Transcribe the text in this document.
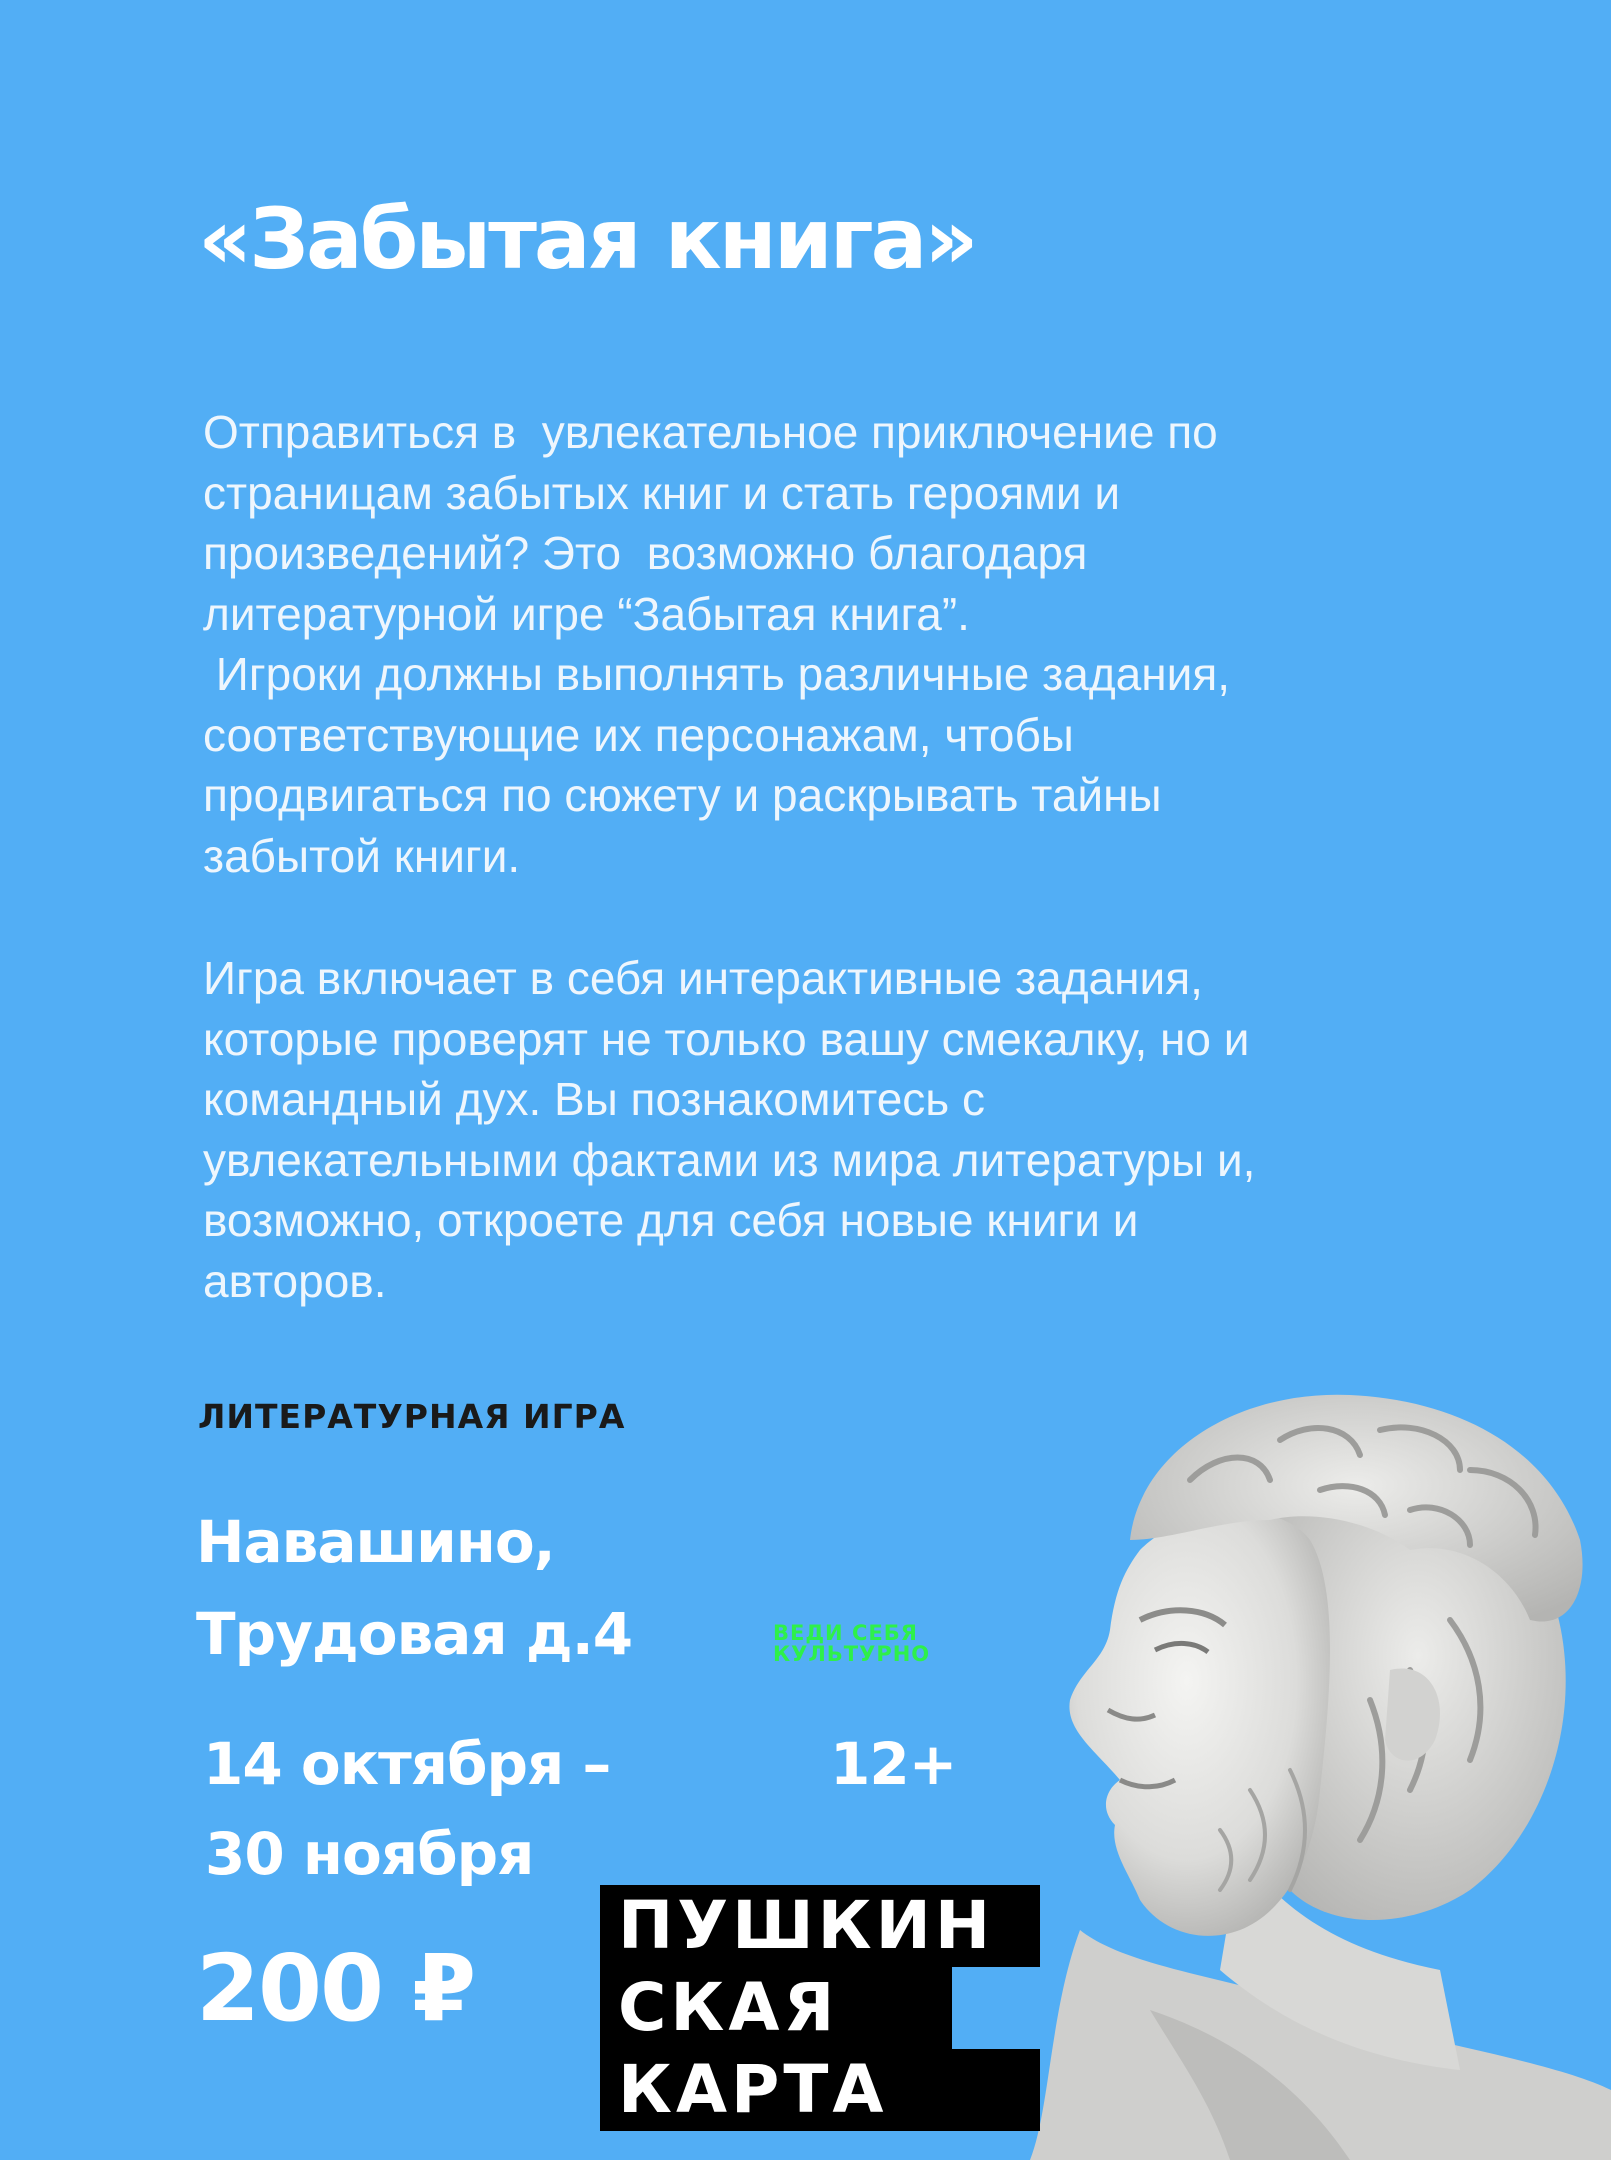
«Забытая книга»
Отправиться в  увлекательное приключение по
страницам забытых книг и стать героями и
произведений? Это  возможно благодаря
литературной игре “Забытая книга”.
Игроки должны выполнять различные задания,
соответствующие их персонажам, чтобы
продвигаться по сюжету и раскрывать тайны
забытой книги.
Игра включает в себя интерактивные задания,
которые проверят не только вашу смекалку, но и
командный дух. Вы познакомитесь с
увлекательными фактами из мира литературы и,
возможно, откроете для себя новые книги и
авторов.
ЛИТЕРАТУРНАЯ ИГРА
Навашино,
Трудовая д.4	ВЕДИ СЕБЯ
КУЛЬТУРНО
14 октября –
30 ноября
12+
200 ₽
ПУШКИН
СКАЯ
КАРТА
